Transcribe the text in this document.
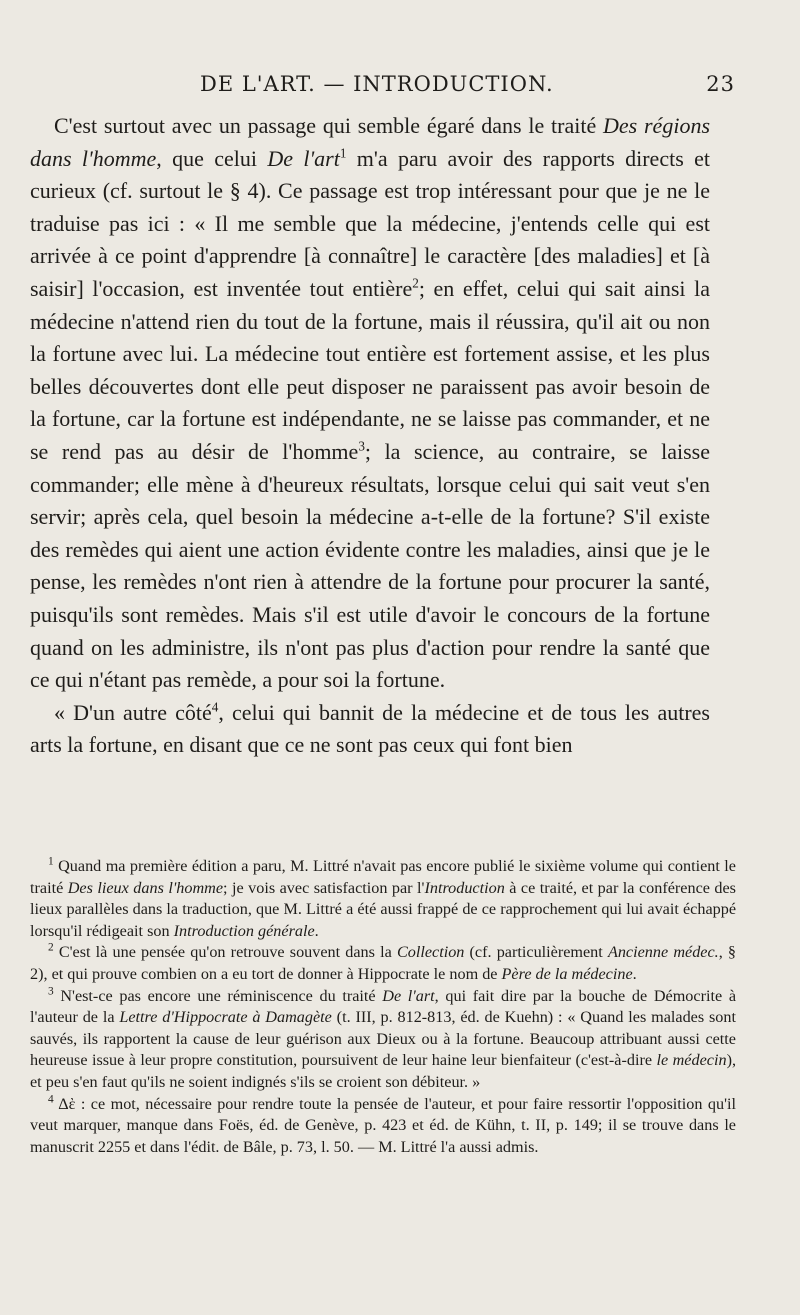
DE L'ART. — INTRODUCTION.	23

C'est surtout avec un passage qui semble égaré dans le traité Des régions dans l'homme, que celui De l'art$^1$ m'a paru avoir des rapports directs et curieux (cf. surtout le § 4). Ce passage est trop intéressant pour que je ne le traduise pas ici : « Il me semble que la médecine, j'entends celle qui est arrivée à ce point d'apprendre [à connaître] le caractère [des maladies] et [à saisir] l'occasion, est inventée tout entière$^2$; en effet, celui qui sait ainsi la médecine n'attend rien du tout de la fortune, mais il réussira, qu'il ait ou non la fortune avec lui. La médecine tout entière est fortement assise, et les plus belles découvertes dont elle peut disposer ne paraissent pas avoir besoin de la fortune, car la fortune est indépendante, ne se laisse pas commander, et ne se rend pas au désir de l'homme$^3$; la science, au contraire, se laisse commander; elle mène à d'heureux résultats, lorsque celui qui sait veut s'en servir; après cela, quel besoin la médecine a-t-elle de la fortune? S'il existe des remèdes qui aient une action évidente contre les maladies, ainsi que je le pense, les remèdes n'ont rien à attendre de la fortune pour procurer la santé, puisqu'ils sont remèdes. Mais s'il est utile d'avoir le concours de la fortune quand on les administre, ils n'ont pas plus d'action pour rendre la santé que ce qui n'étant pas remède, a pour soi la fortune.

« D'un autre côté$^4$, celui qui bannit de la médecine et de tous les autres arts la fortune, en disant que ce ne sont pas ceux qui font bien

$^1$ Quand ma première édition a paru, M. Littré n'avait pas encore publié le sixième volume qui contient le traité Des lieux dans l'homme; je vois avec satisfaction par l'Introduction à ce traité, et par la conférence des lieux parallèles dans la traduction, que M. Littré a été aussi frappé de ce rapprochement qui lui avait échappé lorsqu'il rédigeait son Introduction générale.

$^2$ C'est là une pensée qu'on retrouve souvent dans la Collection (cf. particulièrement Ancienne médec., § 2), et qui prouve combien on a eu tort de donner à Hippocrate le nom de Père de la médecine.

$^3$ N'est-ce pas encore une réminiscence du traité De l'art, qui fait dire par la bouche de Démocrite à l'auteur de la Lettre d'Hippocrate à Damagète (t. III, p. 812-813, éd. de Kuehn) : « Quand les malades sont sauvés, ils rapportent la cause de leur guérison aux Dieux ou à la fortune. Beaucoup attribuant aussi cette heureuse issue à leur propre constitution, poursuivent de leur haine leur bienfaiteur (c'est-à-dire le médecin), et peu s'en faut qu'ils ne soient indignés s'ils se croient son débiteur. »

$^4$ Δὲ : ce mot, nécessaire pour rendre toute la pensée de l'auteur, et pour faire ressortir l'opposition qu'il veut marquer, manque dans Foës, éd. de Genève, p. 423 et éd. de Kühn, t. II, p. 149; il se trouve dans le manuscrit 2255 et dans l'édit. de Bâle, p. 73, l. 50. — M. Littré l'a aussi admis.
